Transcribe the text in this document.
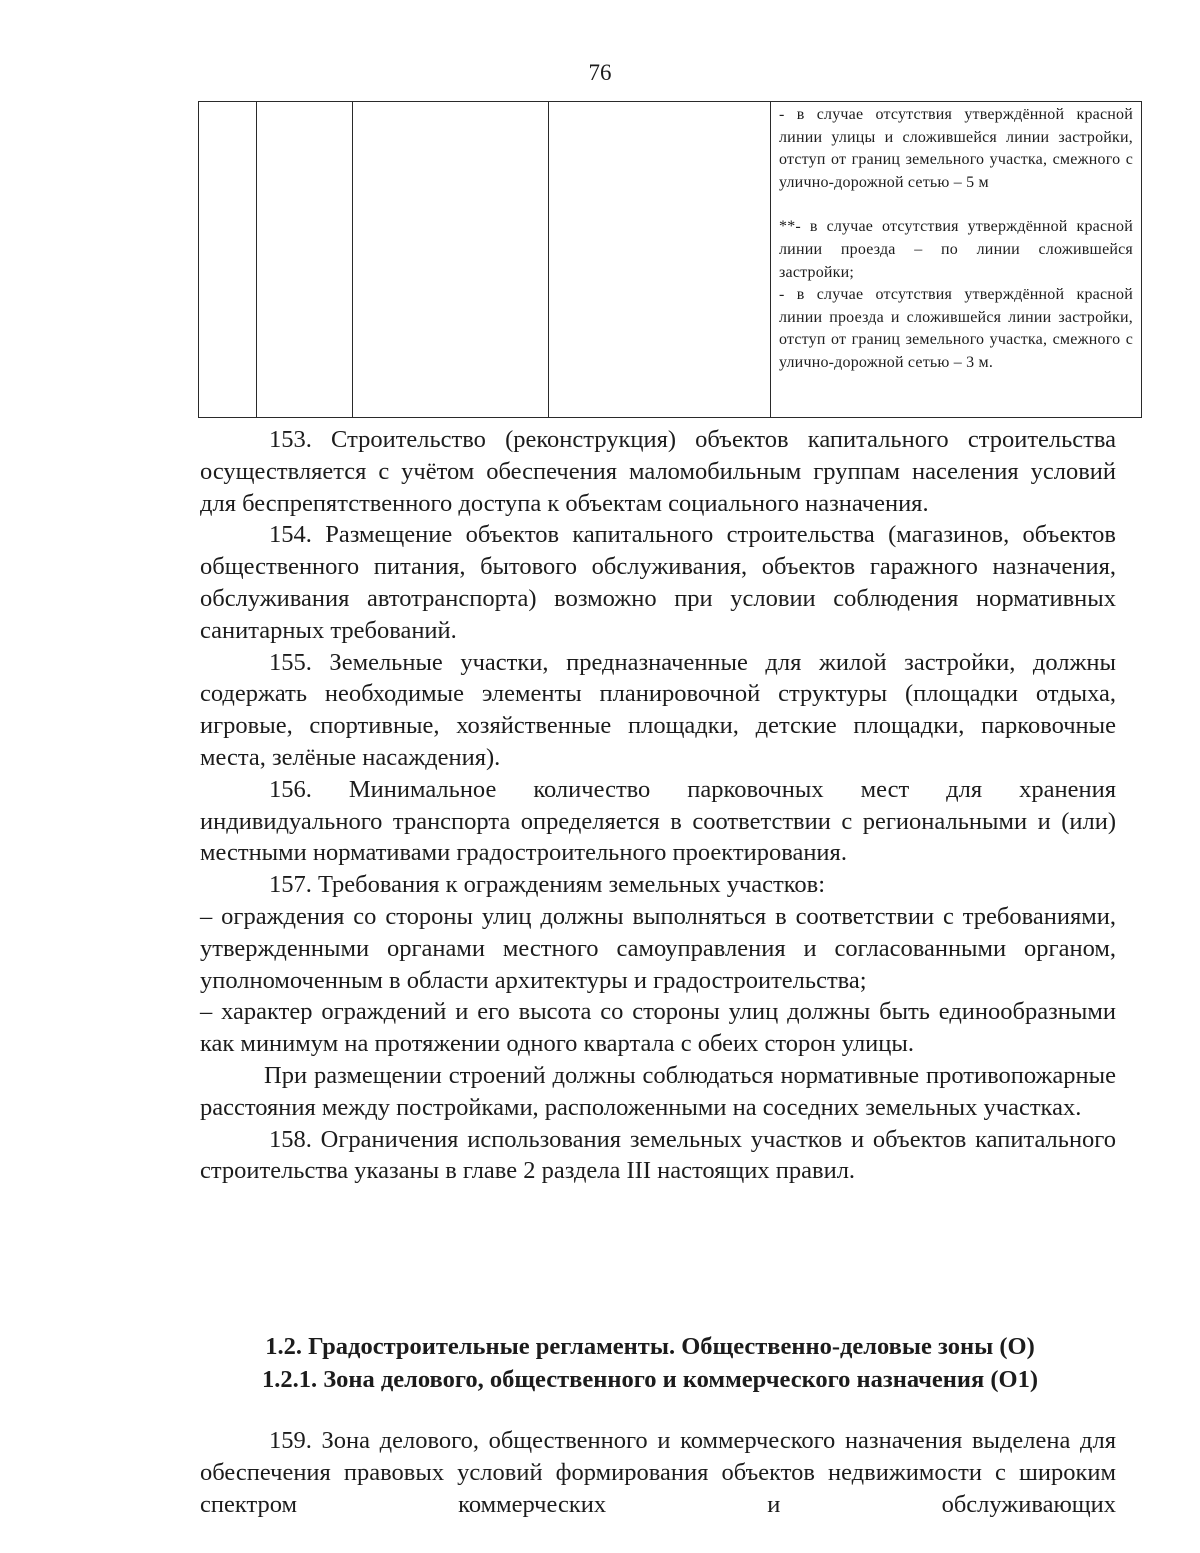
76

- в случае отсутствия утверждённой красной линии улицы и сложившейся линии застройки, отступ от границ земельного участка, смежного с улично-дорожной сетью – 5 м

**- в случае отсутствия утверждённой красной линии проезда – по линии сложившейся застройки;

- в случае отсутствия утверждённой красной линии проезда и сложившейся линии застройки, отступ от границ земельного участка, смежного с улично-дорожной сетью – 3 м.

153. Строительство (реконструкция) объектов капитального строительства осуществляется с учётом обеспечения маломобильным группам населения условий для беспрепятственного доступа к объектам социального назначения.

154. Размещение объектов капитального строительства (магазинов, объектов общественного питания, бытового обслуживания, объектов гаражного назначения, обслуживания автотранспорта) возможно при условии соблюдения нормативных санитарных требований.

155. Земельные участки, предназначенные для жилой застройки, должны содержать необходимые элементы планировочной структуры (площадки отдыха, игровые, спортивные, хозяйственные площадки, детские площадки, парковочные места, зелёные насаждения).

156. Минимальное количество парковочных мест для хранения индивидуального транспорта определяется в соответствии с региональными и (или) местными нормативами градостроительного проектирования.

157. Требования к ограждениям земельных участков:

– ограждения со стороны улиц должны выполняться в соответствии с требованиями, утвержденными органами местного самоуправления и согласованными органом, уполномоченным в области архитектуры и градостроительства;

– характер ограждений и его высота со стороны улиц должны быть единообразными как минимум на протяжении одного квартала с обеих сторон улицы.

При размещении строений должны соблюдаться нормативные противопожарные расстояния между постройками, расположенными на соседних земельных участках.

158. Ограничения использования земельных участков и объектов капитального строительства указаны в главе 2 раздела III настоящих правил.

1.2. Градостроительные регламенты. Общественно-деловые зоны (О)
1.2.1. Зона делового, общественного и коммерческого назначения (О1)

159. Зона делового, общественного и коммерческого назначения выделена для обеспечения правовых условий формирования объектов недвижимости с широким спектром коммерческих и обслуживающих
